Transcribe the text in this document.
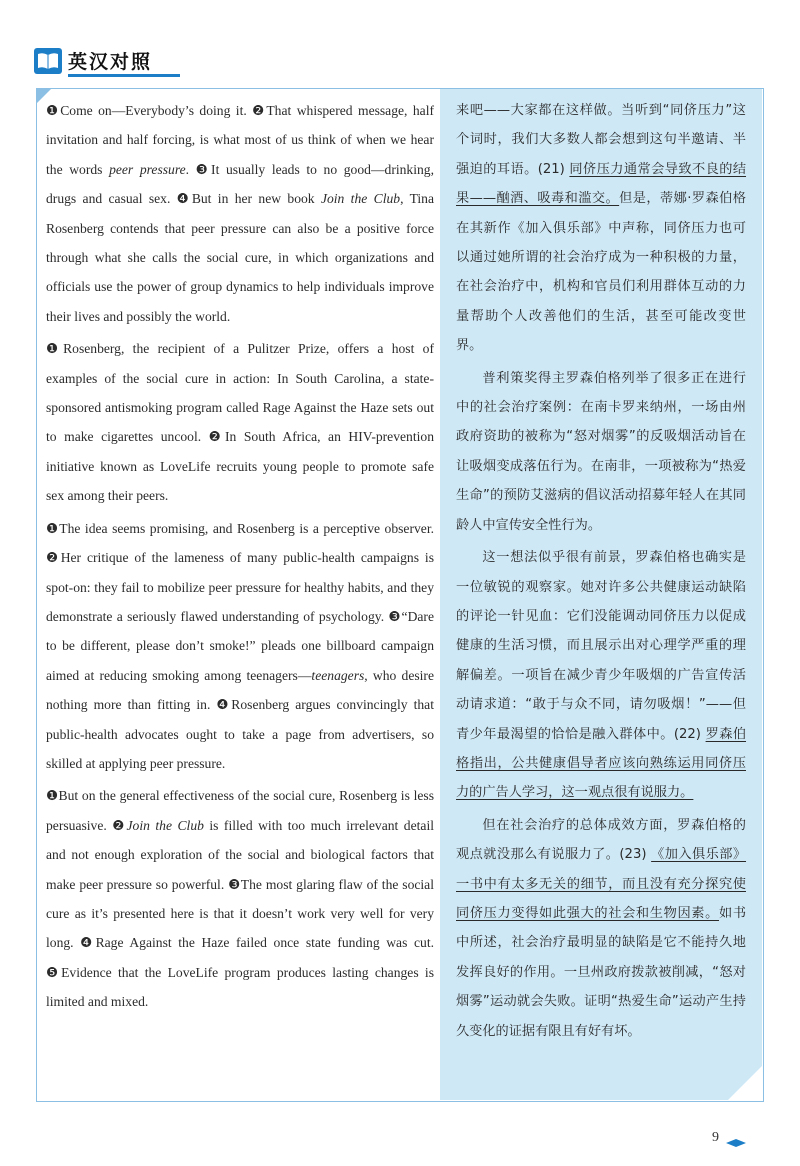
英汉对照

❶Come on—Everybody’s doing it. ❷That whispered message, half invitation and half forcing, is what most of us think of when we hear the words peer pressure. ❸It usually leads to no good—drinking, drugs and casual sex. ❹But in her new book Join the Club, Tina Rosenberg contends that peer pressure can also be a positive force through what she calls the social cure, in which organizations and officials use the power of group dynamics to help individuals improve their lives and possibly the world.

❶Rosenberg, the recipient of a Pulitzer Prize, offers a host of examples of the social cure in action: In South Carolina, a state-sponsored antismoking program called Rage Against the Haze sets out to make cigarettes uncool. ❷In South Africa, an HIV-prevention initiative known as LoveLife recruits young people to promote safe sex among their peers.

❶The idea seems promising, and Rosenberg is a perceptive observer. ❷Her critique of the lameness of many public-health campaigns is spot-on: they fail to mobilize peer pressure for healthy habits, and they demonstrate a seriously flawed understanding of psychology. ❸“Dare to be different, please don’t smoke!” pleads one billboard campaign aimed at reducing smoking among teenagers—teenagers, who desire nothing more than fitting in. ❹Rosenberg argues convincingly that public-health advocates ought to take a page from advertisers, so skilled at applying peer pressure.

❶But on the general effectiveness of the social cure, Rosenberg is less persuasive. ❷Join the Club is filled with too much irrelevant detail and not enough exploration of the social and biological factors that make peer pressure so powerful. ❸The most glaring flaw of the social cure as it’s presented here is that it doesn’t work very well for very long. ❹Rage Against the Haze failed once state funding was cut. ❺Evidence that the LoveLife program produces lasting changes is limited and mixed.

来吧——大家都在这样做。当听到“同侪压力”这个词时，我们大多数人都会想到这句半邀请、半强迫的耳语。(21) 同侪压力通常会导致不良的结果——酗酒、吸毒和滥交。但是，蒂娜·罗森伯格在其新作《加入俱乐部》中声称，同侪压力也可以通过她所谓的社会治疗成为一种积极的力量，在社会治疗中，机构和官员们利用群体互动的力量帮助个人改善他们的生活，甚至可能改变世界。

普利策奖得主罗森伯格列举了很多正在进行中的社会治疗案例：在南卡罗来纳州，一场由州政府资助的被称为“怒对烟雾”的反吸烟活动旨在让吸烟变成落伍行为。在南非，一项被称为“热爱生命”的预防艾滋病的倡议活动招募年轻人在其同龄人中宣传安全性行为。

这一想法似乎很有前景，罗森伯格也确实是一位敏锐的观察家。她对许多公共健康运动缺陷的评论一针见血：它们没能调动同侪压力以促成健康的生活习惯，而且展示出对心理学严重的理解偏差。一项旨在减少青少年吸烟的广告宣传活动请求道：“敢于与众不同，请勿吸烟！”——但青少年最渴望的恰恰是融入群体中。(22) 罗森伯格指出，公共健康倡导者应该向熟练运用同侪压力的广告人学习，这一观点很有说服力。

但在社会治疗的总体成效方面，罗森伯格的观点就没那么有说服力了。(23) 《加入俱乐部》一书中有太多无关的细节，而且没有充分探究使同侪压力变得如此强大的社会和生物因素。如书中所述，社会治疗最明显的缺陷是它不能持久地发挥良好的作用。一旦州政府拨款被削减，“怒对烟雾”运动就会失败。证明“热爱生命”运动产生持久变化的证据有限且有好有坏。

9
